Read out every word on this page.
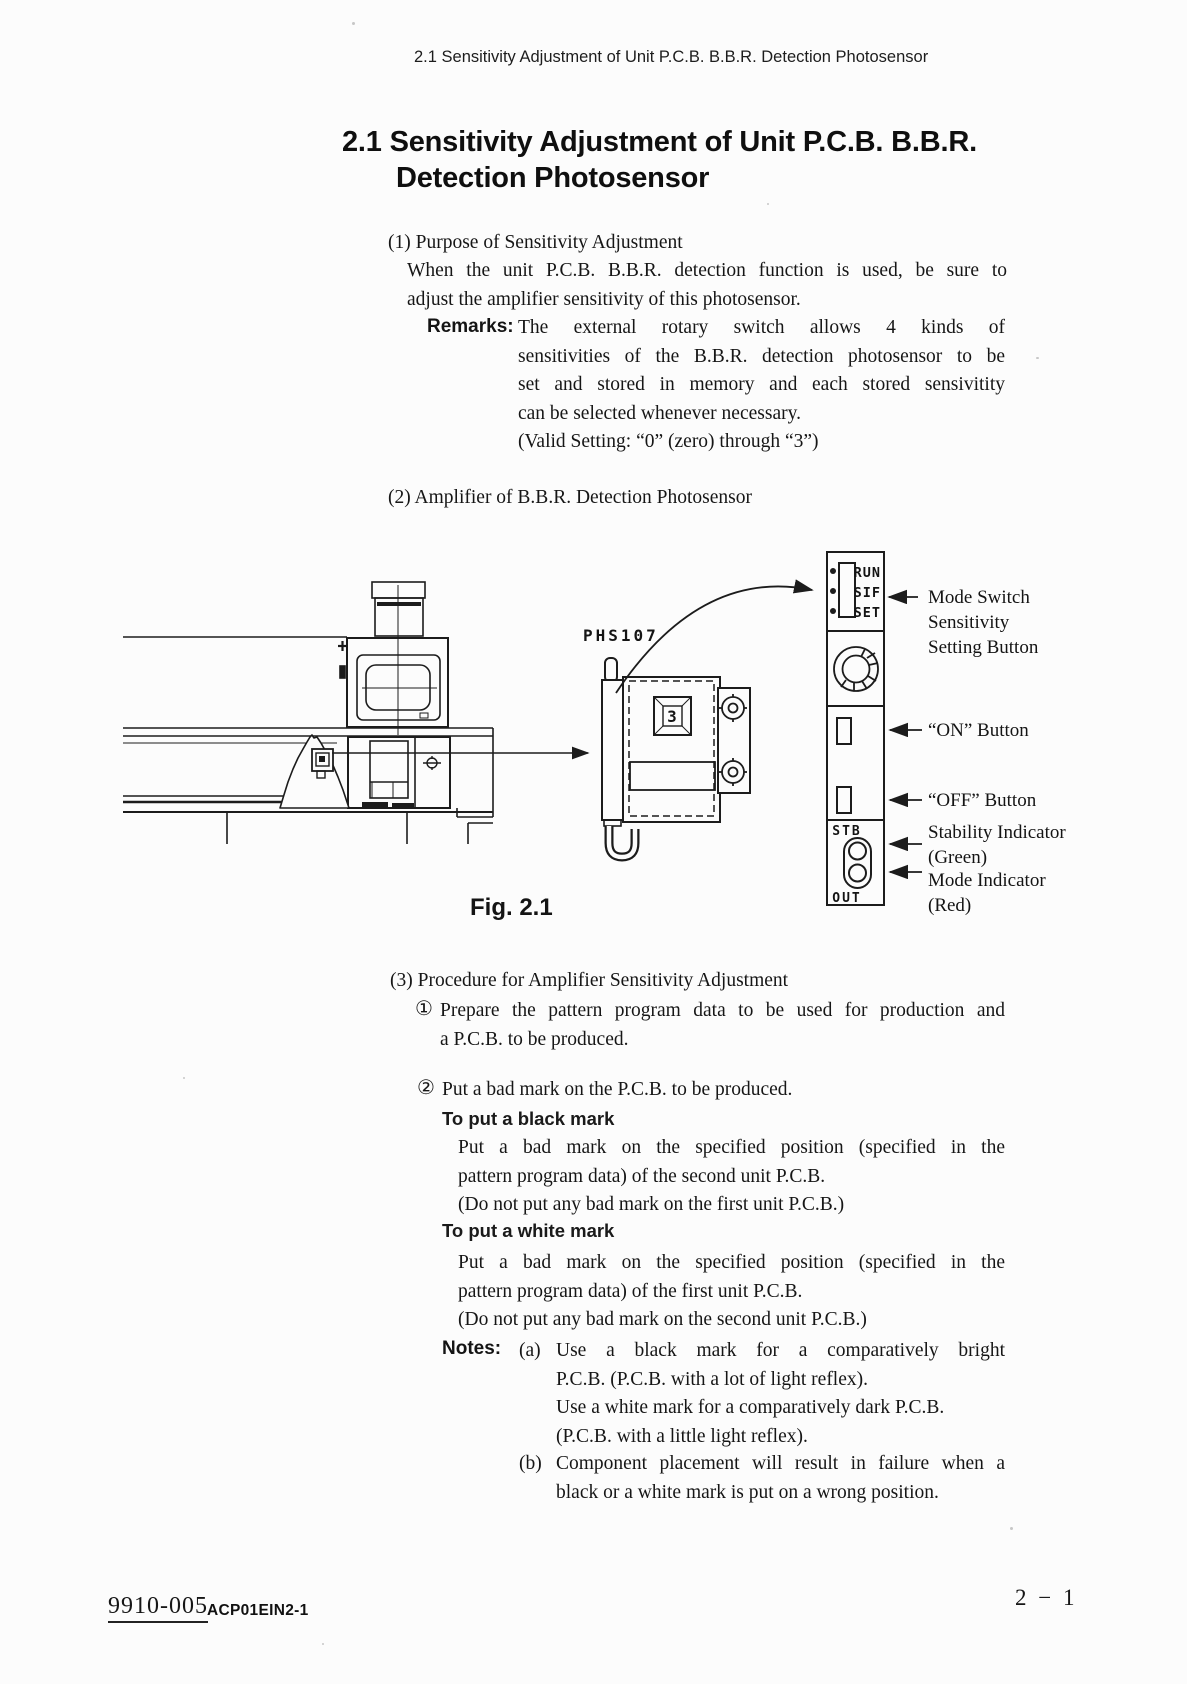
2.1 Sensitivity Adjustment of Unit P.C.B. B.B.R. Detection Photosensor
2.1 Sensitivity Adjustment of Unit P.C.B. B.B.R.
Detection Photosensor
(1) Purpose of Sensitivity Adjustment
When the unit P.C.B. B.B.R. detection function is used, be sure to
adjust the amplifier sensitivity of this photosensor.
Remarks: The external rotary switch allows 4 kinds of
sensitivities of the B.B.R. detection photosensor to be
set and stored in memory and each stored sensivitity
can be selected whenever necessary.
(Valid Setting: “0” (zero) through “3”)
(2) Amplifier of B.B.R. Detection Photosensor
PHS107
3
RUN
SIF
SET
STB
OUT
Mode Switch
Sensitivity
Setting Button
“ON” Button
“OFF” Button
Stability Indicator
(Green)
Mode Indicator
(Red)
Fig. 2.1
(3) Procedure for Amplifier Sensitivity Adjustment
① Prepare the pattern program data to be used for production and
a P.C.B. to be produced.
② Put a bad mark on the P.C.B. to be produced.
To put a black mark
Put a bad mark on the specified position (specified in the
pattern program data) of the second unit P.C.B.
(Do not put any bad mark on the first unit P.C.B.)
To put a white mark
Put a bad mark on the specified position (specified in the
pattern program data) of the first unit P.C.B.
(Do not put any bad mark on the second unit P.C.B.)
Notes: (a) Use a black mark for a comparatively bright
P.C.B. (P.C.B. with a lot of light reflex).
Use a white mark for a comparatively dark P.C.B.
(P.C.B. with a little light reflex).
(b) Component placement will result in failure when a
black or a white mark is put on a wrong position.
9910-005 ACP01EIN2-1
2 − 1
